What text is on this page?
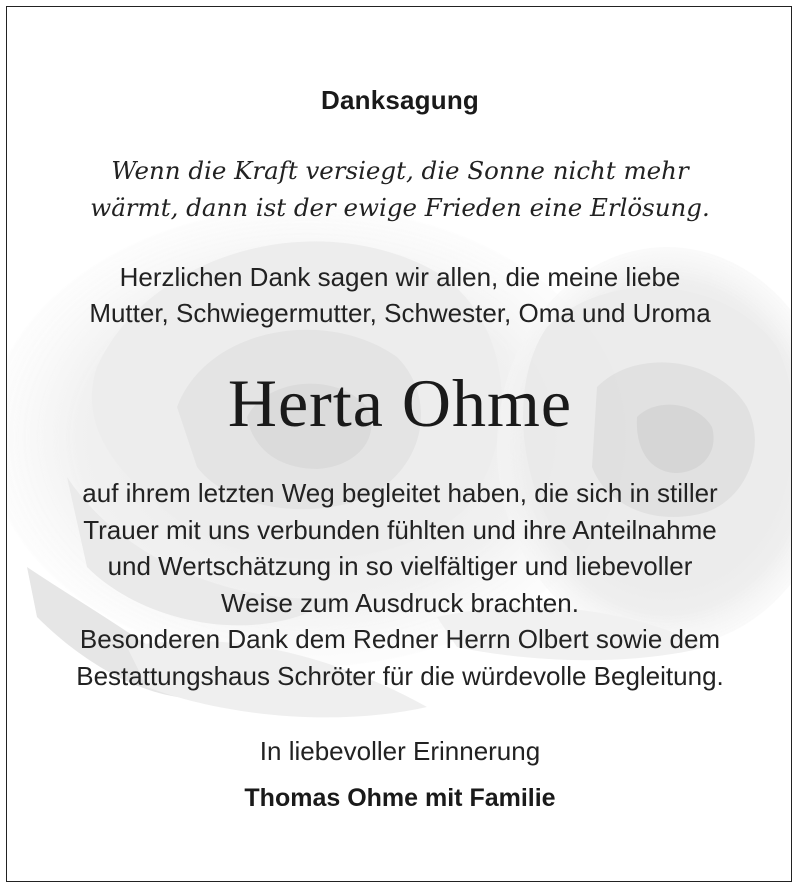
Danksagung
Wenn die Kraft versiegt, die Sonne nicht mehr
wärmt, dann ist der ewige Frieden eine Erlösung.
Herzlichen Dank sagen wir allen, die meine liebe
Mutter, Schwiegermutter, Schwester, Oma und Uroma
Herta Ohme
auf ihrem letzten Weg begleitet haben, die sich in stiller
Trauer mit uns verbunden fühlten und ihre Anteilnahme
und Wertschätzung in so vielfältiger und liebevoller
Weise zum Ausdruck brachten.
Besonderen Dank dem Redner Herrn Olbert sowie dem
Bestattungshaus Schröter für die würdevolle Begleitung.
In liebevoller Erinnerung
Thomas Ohme mit Familie
